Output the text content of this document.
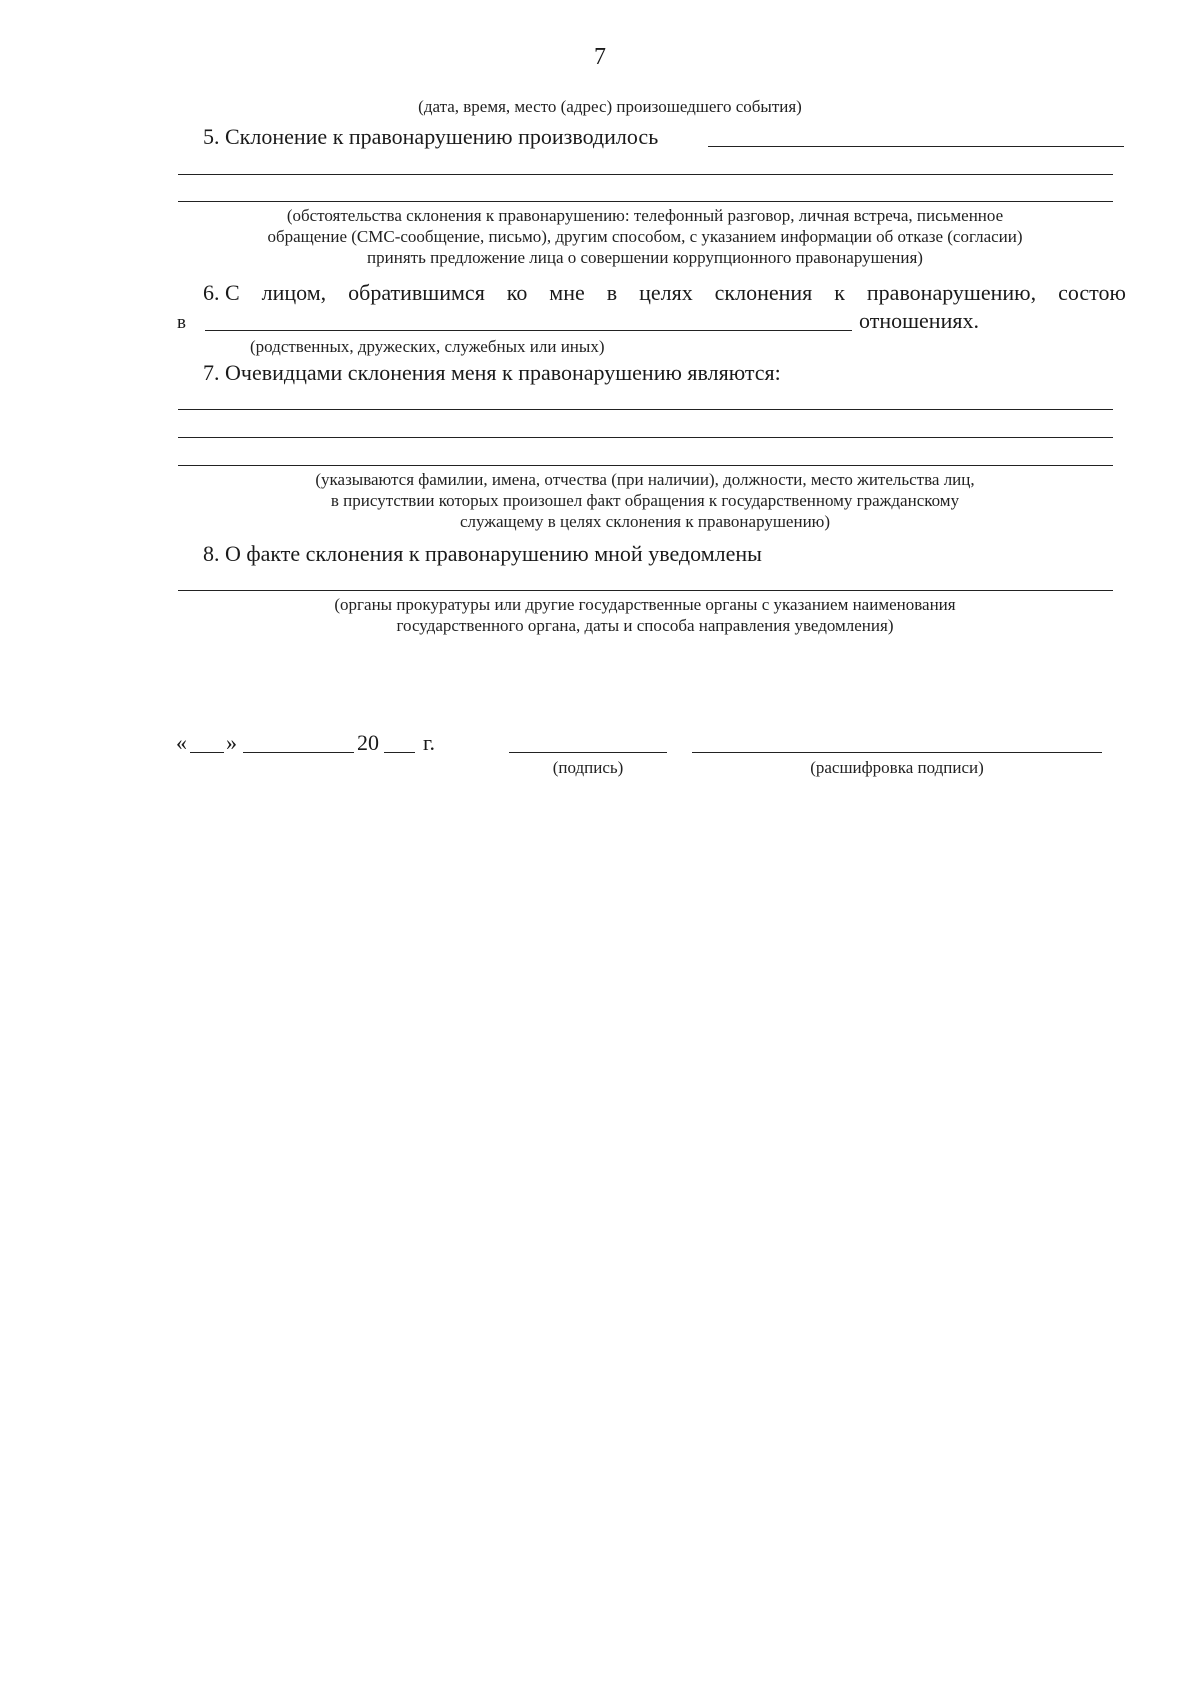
7
(дата, время, место (адрес) произошедшего события)
5. Склонение к правонарушению производилось
(обстоятельства склонения к правонарушению: телефонный разговор, личная встреча, письменное
обращение (СМС-сообщение, письмо), другим способом, с указанием информации об отказе (согласии)
принять предложение лица о совершении коррупционного правонарушения)
6. С лицом, обратившимся ко мне в целях склонения к правонарушению, состою
в	отношениях.
(родственных, дружеских, служебных или иных)
7. Очевидцами склонения меня к правонарушению являются:
(указываются фамилии, имена, отчества (при наличии), должности, место жительства лиц,
в присутствии которых произошел факт обращения к государственному гражданскому
служащему в целях склонения к правонарушению)
8. О факте склонения к правонарушению мной уведомлены
(органы прокуратуры или другие государственные органы с указанием наименования
государственного органа, даты и способа направления уведомления)
« »	20 г.
(подпись)	(расшифровка подписи)
